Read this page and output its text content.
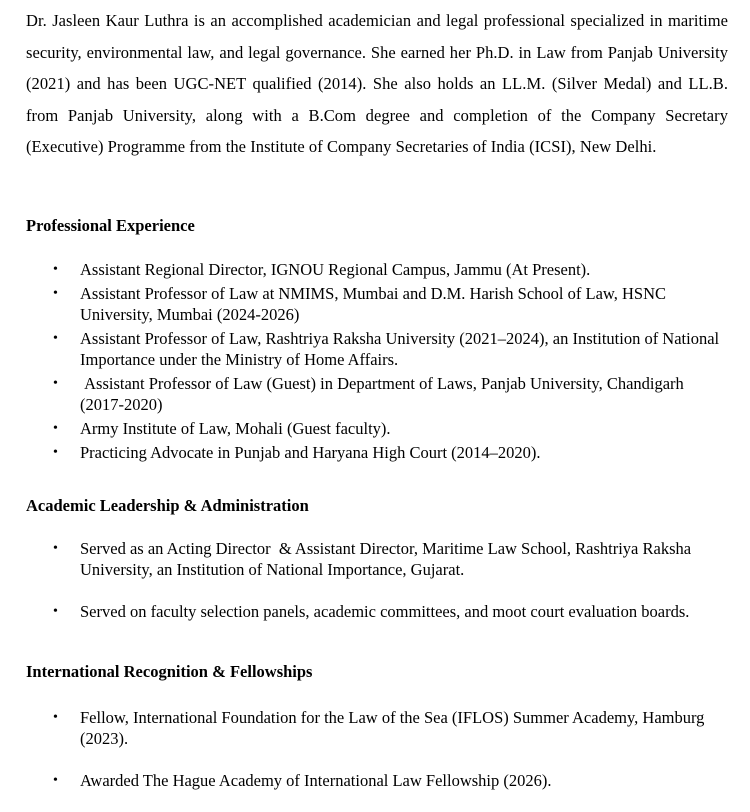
Dr. Jasleen Kaur Luthra is an accomplished academician and legal professional specialized in maritime security, environmental law, and legal governance. She earned her Ph.D. in Law from Panjab University (2021) and has been UGC-NET qualified (2014). She also holds an LL.M. (Silver Medal) and LL.B. from Panjab University, along with a B.Com degree and completion of the Company Secretary (Executive) Programme from the Institute of Company Secretaries of India (ICSI), New Delhi.

Professional Experience
• Assistant Regional Director, IGNOU Regional Campus, Jammu (At Present).
• Assistant Professor of Law at NMIMS, Mumbai and D.M. Harish School of Law, HSNC University, Mumbai (2024-2026)
• Assistant Professor of Law, Rashtriya Raksha University (2021–2024), an Institution of National Importance under the Ministry of Home Affairs.
• Assistant Professor of Law (Guest) in Department of Laws, Panjab University, Chandigarh (2017-2020)
• Army Institute of Law, Mohali (Guest faculty).
• Practicing Advocate in Punjab and Haryana High Court (2014–2020).
Academic Leadership & Administration
• Served as an Acting Director  & Assistant Director, Maritime Law School, Rashtriya Raksha University, an Institution of National Importance, Gujarat.
• Served on faculty selection panels, academic committees, and moot court evaluation boards.
International Recognition & Fellowships
• Fellow, International Foundation for the Law of the Sea (IFLOS) Summer Academy, Hamburg (2023).
• Awarded The Hague Academy of International Law Fellowship (2026).
